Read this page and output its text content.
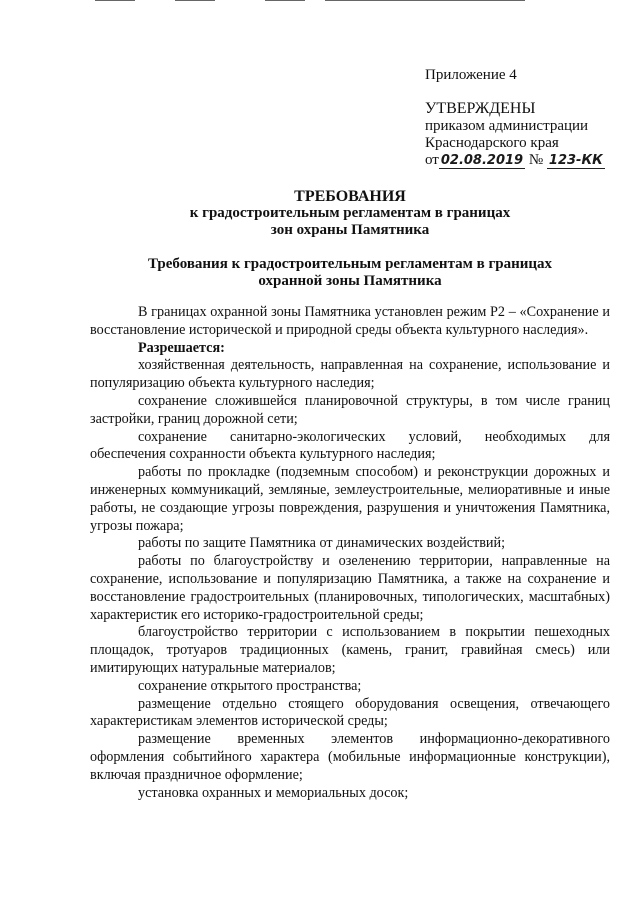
Приложение 4
УТВЕРЖДЕНЫ
приказом администрации
Краснодарского края
от 02.08.2019 № 123-КК
ТРЕБОВАНИЯ
к градостроительным регламентам в границах
зон охраны Памятника
Требования к градостроительным регламентам в границах
охранной зоны Памятника

В границах охранной зоны Памятника установлен режим Р2 – «Сохранение и восстановление исторической и природной среды объекта культурного наследия».

Разрешается:

хозяйственная деятельность, направленная на сохранение, использование и популяризацию объекта культурного наследия;

сохранение сложившейся планировочной структуры, в том числе границ застройки, границ дорожной сети;

сохранение санитарно-экологических условий, необходимых для обеспечения сохранности объекта культурного наследия;

работы по прокладке (подземным способом) и реконструкции дорожных и инженерных коммуникаций, земляные, землеустроительные, мелиоративные и иные работы, не создающие угрозы повреждения, разрушения и уничтожения Памятника, угрозы пожара;

работы по защите Памятника от динамических воздействий;

работы по благоустройству и озеленению территории, направленные на сохранение, использование и популяризацию Памятника, а также на сохранение и восстановление градостроительных (планировочных, типологических, масштабных) характеристик его историко-градостроительной среды;

благоустройство территории с использованием в покрытии пешеходных площадок, тротуаров традиционных (камень, гранит, гравийная смесь) или имитирующих натуральные материалов;

сохранение открытого пространства;

размещение отдельно стоящего оборудования освещения, отвечающего характеристикам элементов исторической среды;

размещение временных элементов информационно-декоративного оформления событийного характера (мобильные информационные конструкции), включая праздничное оформление;

установка охранных и мемориальных досок;
